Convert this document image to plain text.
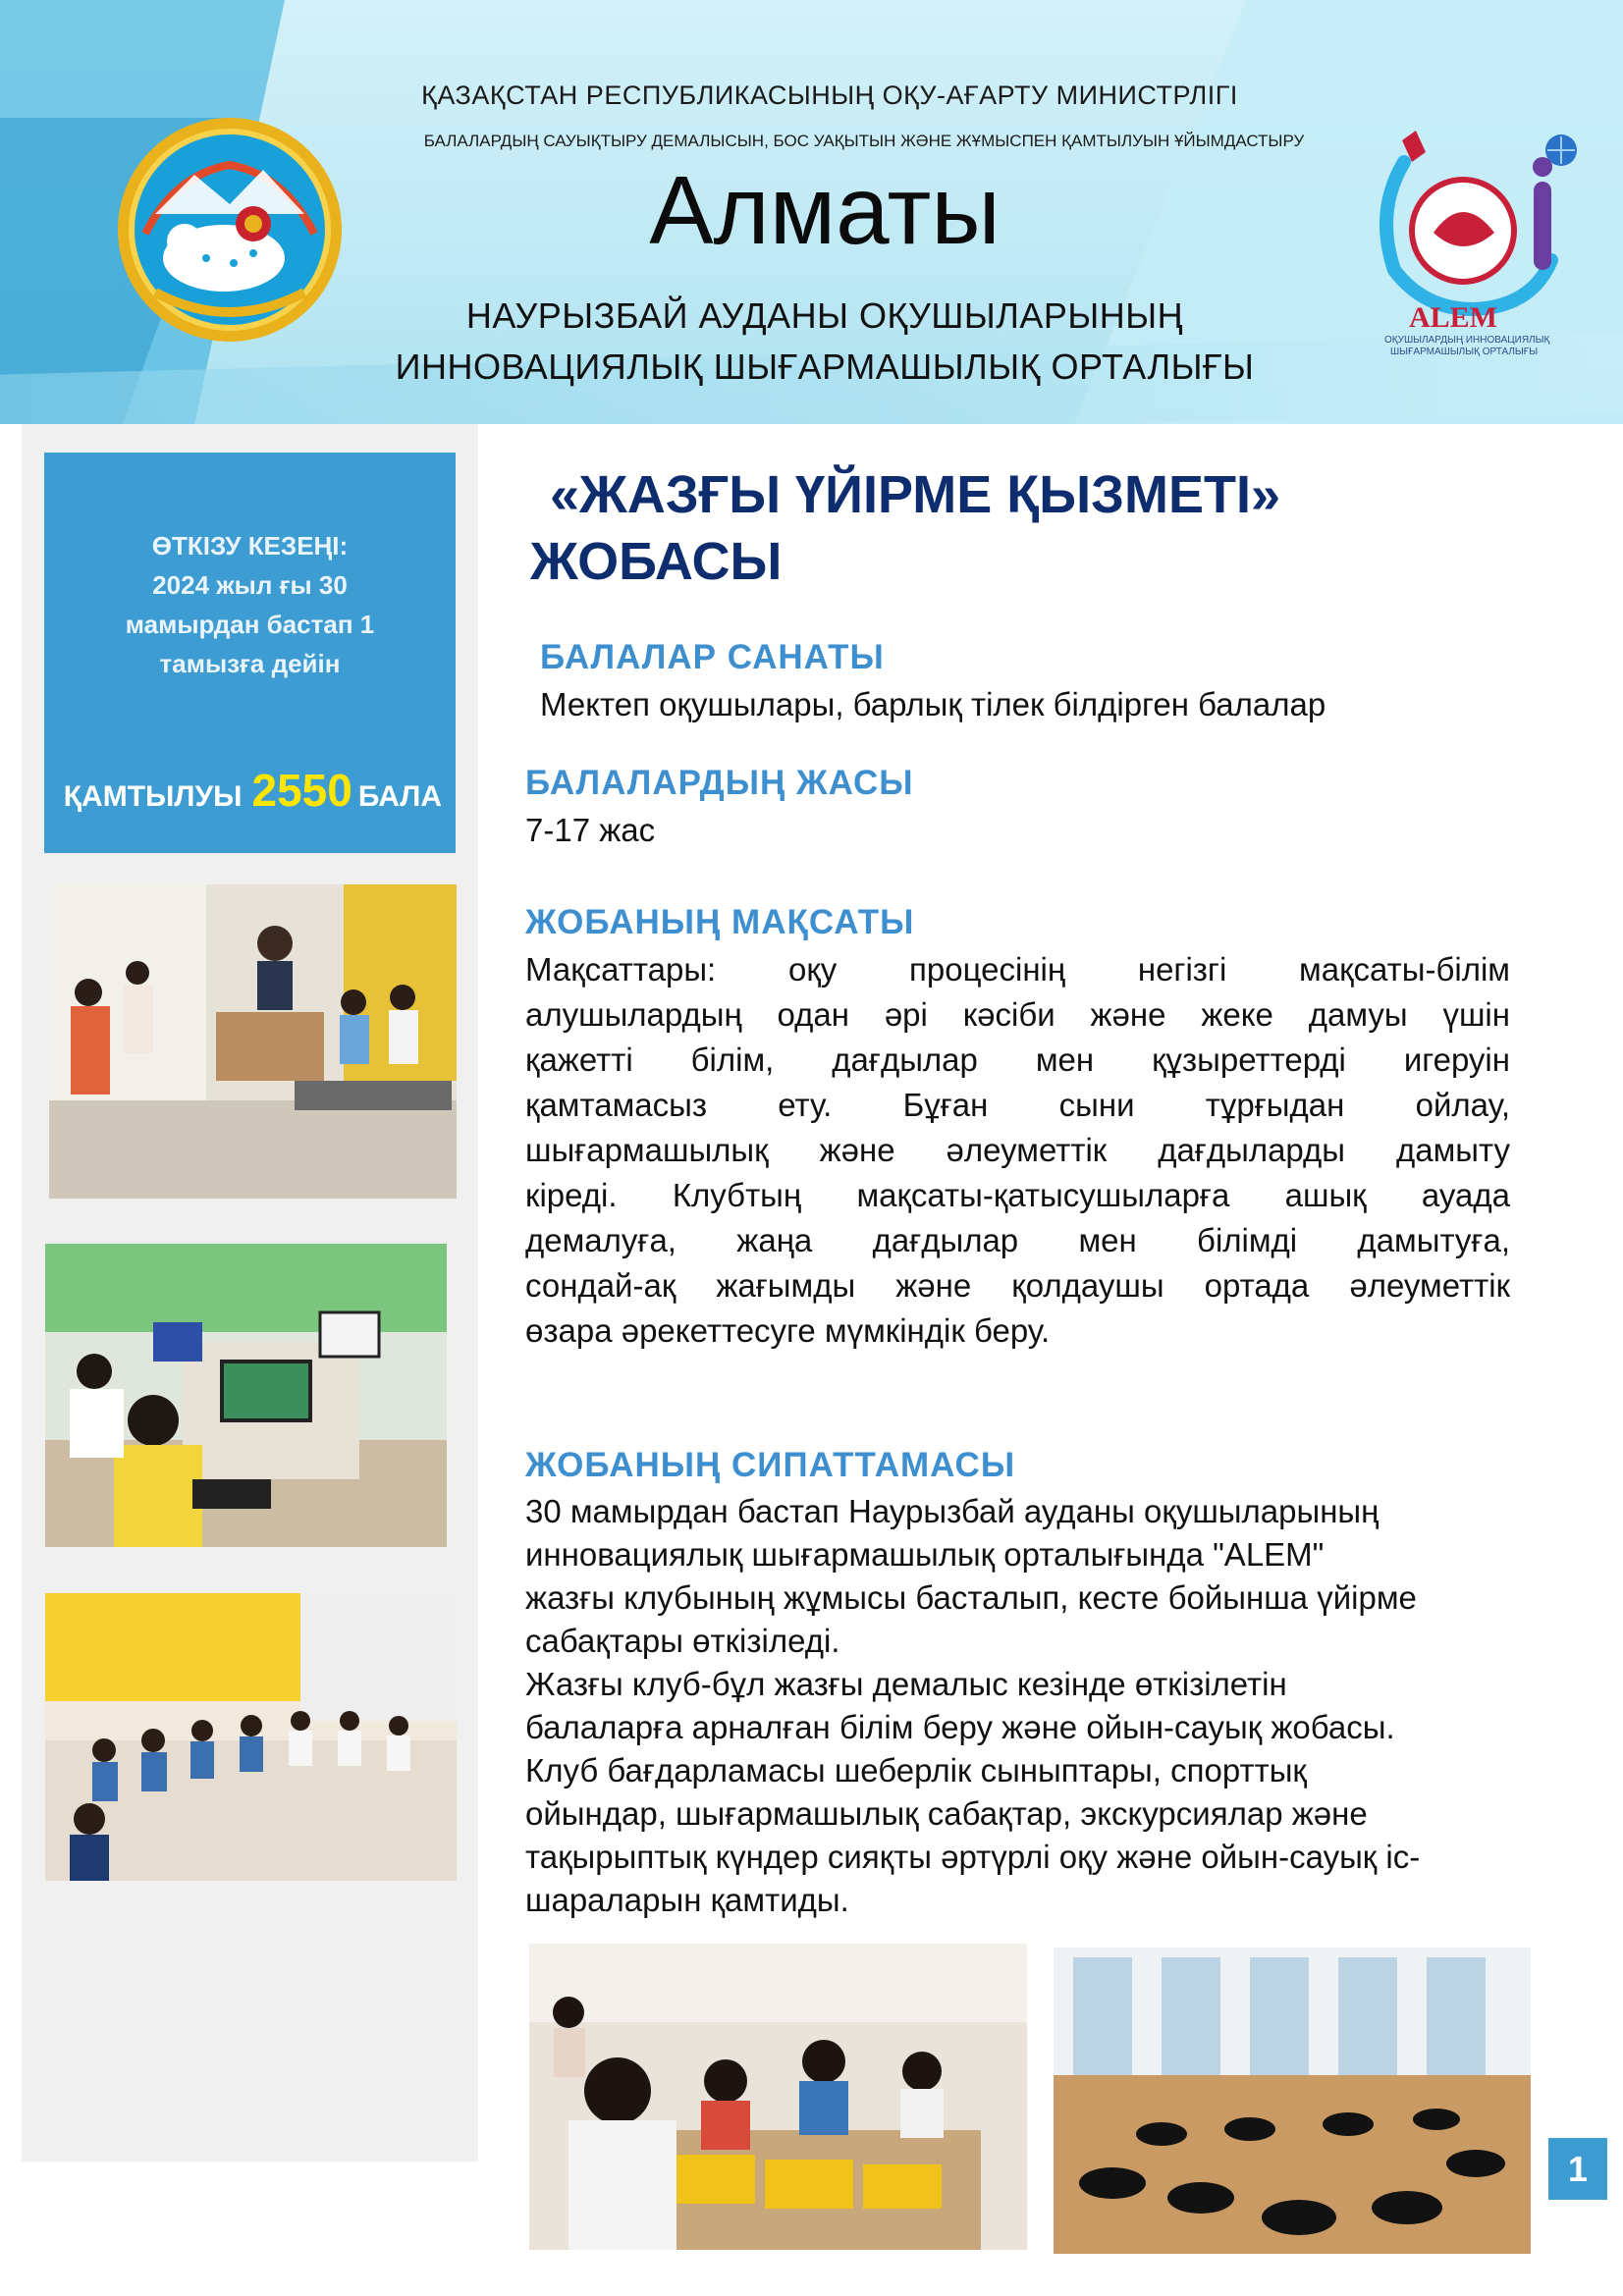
ҚАЗАҚСТАН РЕСПУБЛИКАСЫНЫҢ ОҚУ-АҒАРТУ МИНИСТРЛІГІ
БАЛАЛАРДЫҢ САУЫҚТЫРУ ДЕМАЛЫСЫН, БОС УАҚЫТЫН ЖӘНЕ ЖҰМЫСПЕН ҚАМТЫЛУЫН ҰЙЫМДАСТЫРУ
Алматы
НАУРЫЗБАЙ АУДАНЫ ОҚУШЫЛАРЫНЫҢ
ИННОВАЦИЯЛЫҚ ШЫҒАРМАШЫЛЫҚ ОРТАЛЫҒЫ
ALEM
ОҚУШЫЛАРДЫҢ ИННОВАЦИЯЛЫҚ
ШЫҒАРМАШЫЛЫҚ ОРТАЛЫҒЫ
ӨТКІЗУ КЕЗЕҢІ:
2024 жыл ғы 30
мамырдан бастап 1
тамызға дейін
ҚАМТЫЛУЫ 2550 БАЛА
«ЖАЗҒЫ ҮЙІРМЕ ҚЫЗМЕТІ»
ЖОБАСЫ
БАЛАЛАР САНАТЫ
Мектеп оқушылары, барлық тілек білдірген балалар
БАЛАЛАРДЫҢ ЖАСЫ
7-17 жас
ЖОБАНЫҢ МАҚСАТЫ
Мақсаттары: оқу процесінің негізгі мақсаты-білім
алушылардың одан әрі кәсіби және жеке дамуы үшін
қажетті білім, дағдылар мен құзыреттерді игеруін
қамтамасыз ету. Бұған сыни тұрғыдан ойлау,
шығармашылық және әлеуметтік дағдыларды дамыту
кіреді. Клубтың мақсаты-қатысушыларға ашық ауада
демалуға, жаңа дағдылар мен білімді дамытуға,
сондай-ақ жағымды және қолдаушы ортада әлеуметтік
өзара әрекеттесуге мүмкіндік беру.
ЖОБАНЫҢ СИПАТТАМАСЫ
30 мамырдан бастап Наурызбай ауданы оқушыларының
инновациялық шығармашылық орталығында "ALEM"
жазғы клубының жұмысы басталып, кесте бойынша үйірме
сабақтары өткізіледі.
Жазғы клуб-бұл жазғы демалыс кезінде өткізілетін
балаларға арналған білім беру және ойын-сауық жобасы.
Клуб бағдарламасы шеберлік сыныптары, спорттық
ойындар, шығармашылық сабақтар, экскурсиялар және
тақырыптық күндер сияқты әртүрлі оқу және ойын-сауық іс-
шараларын қамтиды.
1
